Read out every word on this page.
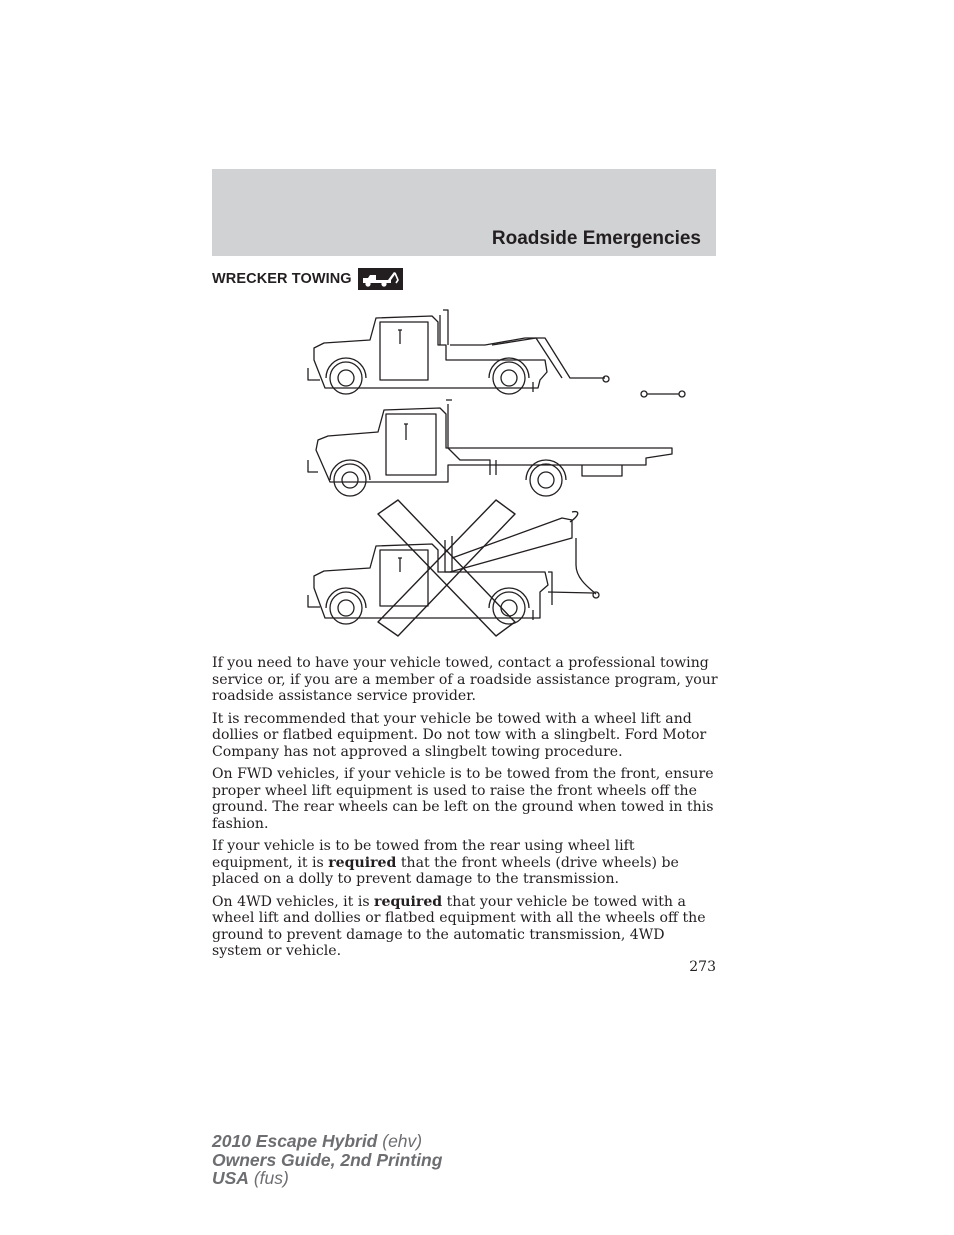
Roadside Emergencies
WRECKER TOWING

If you need to have your vehicle towed, contact a professional towing service or, if you are a member of a roadside assistance program, your roadside assistance service provider.

It is recommended that your vehicle be towed with a wheel lift and dollies or flatbed equipment. Do not tow with a slingbelt. Ford Motor Company has not approved a slingbelt towing procedure.

On FWD vehicles, if your vehicle is to be towed from the front, ensure proper wheel lift equipment is used to raise the front wheels off the ground. The rear wheels can be left on the ground when towed in this fashion.

If your vehicle is to be towed from the rear using wheel lift equipment, it is required that the front wheels (drive wheels) be placed on a dolly to prevent damage to the transmission.

On 4WD vehicles, it is required that your vehicle be towed with a wheel lift and dollies or flatbed equipment with all the wheels off the ground to prevent damage to the automatic transmission, 4WD system or vehicle.

273
2010 Escape Hybrid (ehv)
Owners Guide, 2nd Printing
USA (fus)
